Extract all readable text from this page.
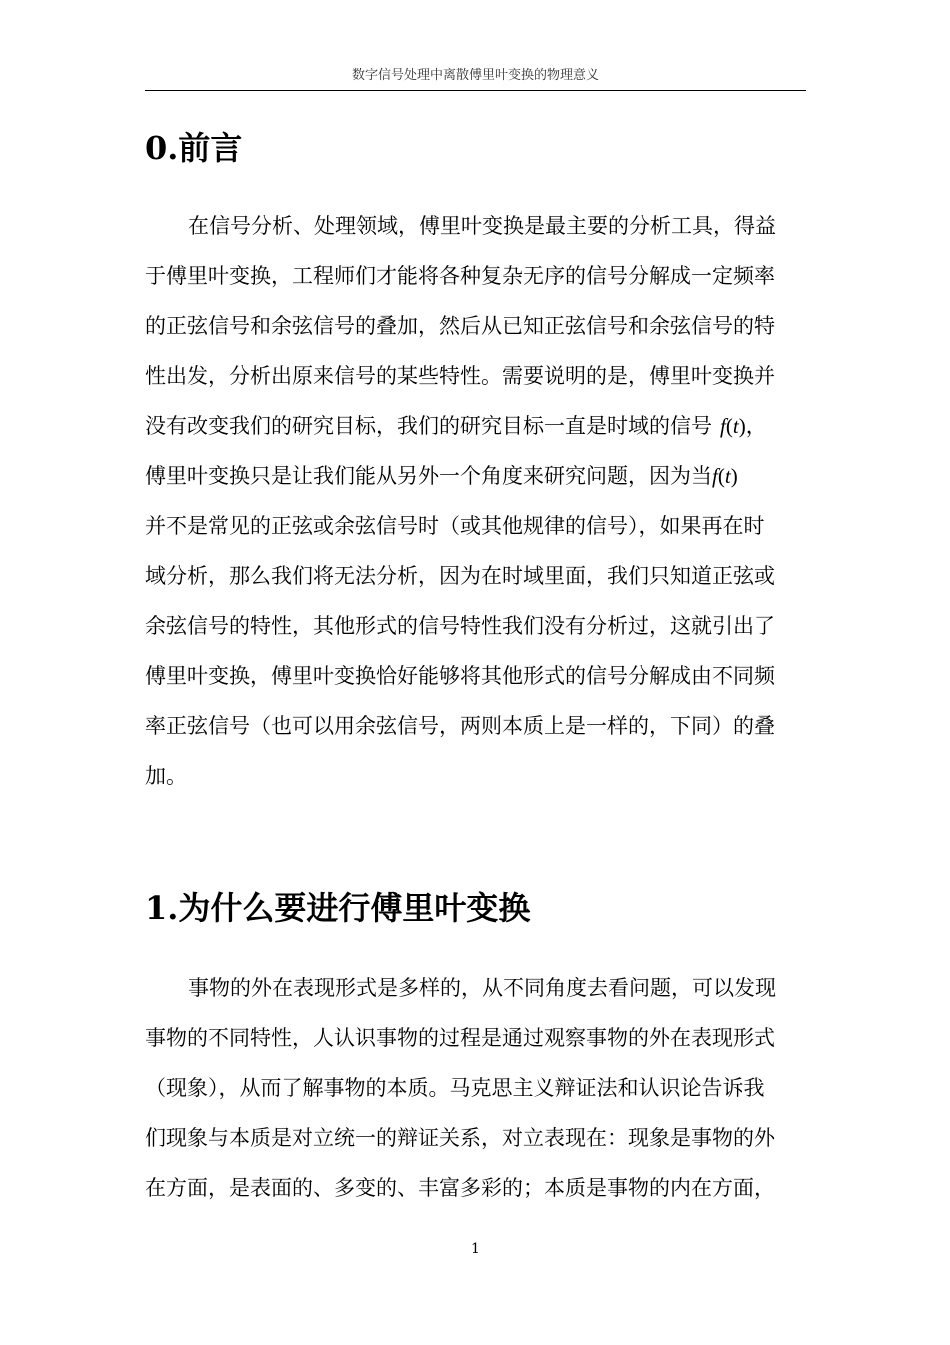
数字信号处理中离散傅里叶变换的物理意义
0.前言

在信号分析、处理领域，傅里叶变换是最主要的分析工具，得益

于傅里叶变换，工程师们才能将各种复杂无序的信号分解成一定频率

的正弦信号和余弦信号的叠加，然后从已知正弦信号和余弦信号的特

性出发，分析出原来信号的某些特性。需要说明的是，傅里叶变换并

没有改变我们的研究目标，我们的研究目标一直是时域的信号 f(t)，

傅里叶变换只是让我们能从另外一个角度来研究问题，因为当f(t)

并不是常见的正弦或余弦信号时（或其他规律的信号），如果再在时

域分析，那么我们将无法分析，因为在时域里面，我们只知道正弦或

余弦信号的特性，其他形式的信号特性我们没有分析过，这就引出了

傅里叶变换，傅里叶变换恰好能够将其他形式的信号分解成由不同频

率正弦信号（也可以用余弦信号，两则本质上是一样的，下同）的叠

加。

1.为什么要进行傅里叶变换

事物的外在表现形式是多样的，从不同角度去看问题，可以发现

事物的不同特性，人认识事物的过程是通过观察事物的外在表现形式

（现象），从而了解事物的本质。马克思主义辩证法和认识论告诉我

们现象与本质是对立统一的辩证关系，对立表现在：现象是事物的外

在方面，是表面的、多变的、丰富多彩的；本质是事物的内在方面，

1
